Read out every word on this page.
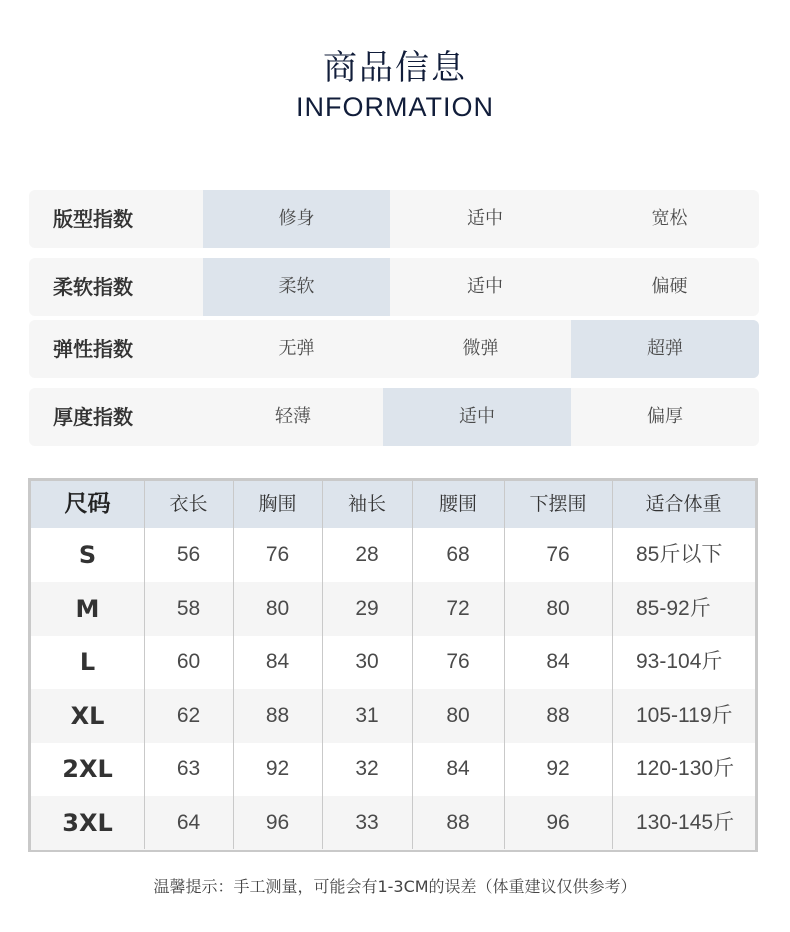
商品信息
INFORMATION
版型指数	修身	适中	宽松
柔软指数	柔软	适中	偏硬
弹性指数	无弹	微弹	超弹
厚度指数	轻薄	适中	偏厚
尺码	衣长	胸围	袖长	腰围	下摆围	适合体重
S	56	76	28	68	76	85斤以下
M	58	80	29	72	80	85-92斤
L	60	84	30	76	84	93-104斤
XL	62	88	31	80	88	105-119斤
2XL	63	92	32	84	92	120-130斤
3XL	64	96	33	88	96	130-145斤
温馨提示：手工测量，可能会有1-3CM的误差（体重建议仅供参考）
